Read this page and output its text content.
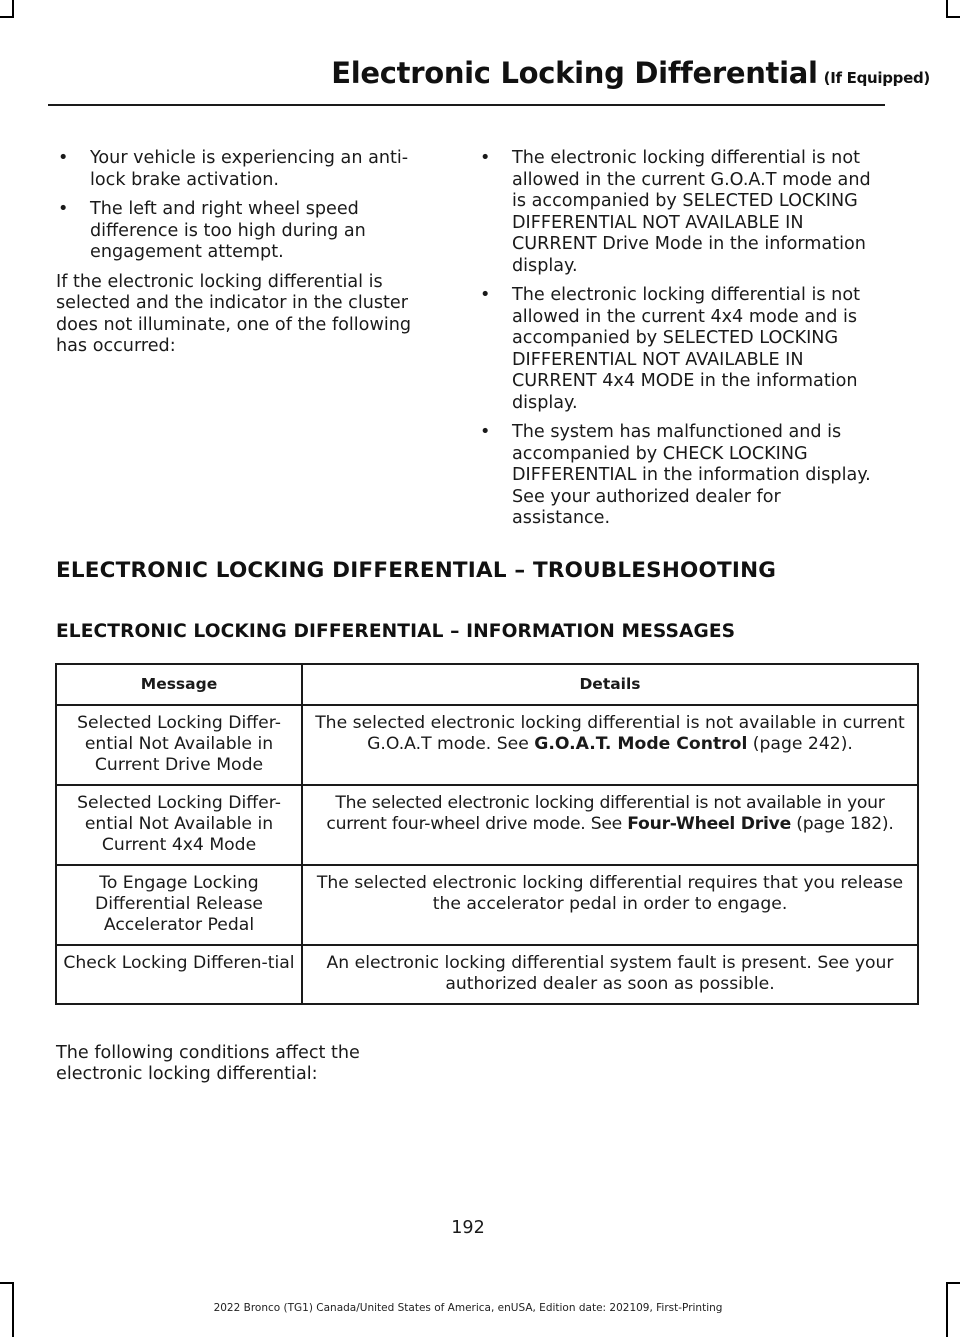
Electronic Locking Differential (If Equipped)
• Your vehicle is experiencing an anti-lock brake activation.
• The left and right wheel speed difference is too high during an engagement attempt.

If the electronic locking differential is selected and the indicator in the cluster does not illuminate, one of the following has occurred:

• The electronic locking differential is not allowed in the current G.O.A.T mode and is accompanied by SELECTED LOCKING DIFFERENTIAL NOT AVAILABLE IN CURRENT Drive Mode in the information display.
• The electronic locking differential is not allowed in the current 4x4 mode and is accompanied by SELECTED LOCKING DIFFERENTIAL NOT AVAILABLE IN CURRENT 4x4 MODE in the information display.
• The system has malfunctioned and is accompanied by CHECK LOCKING DIFFERENTIAL in the information display. See your authorized dealer for assistance.
ELECTRONIC LOCKING DIFFERENTIAL – TROUBLESHOOTING
ELECTRONIC LOCKING DIFFERENTIAL – INFORMATION MESSAGES
Message	Details
Selected Locking Differ-ential Not Available in Current Drive Mode	The selected electronic locking differential is not available in current G.O.A.T mode. See G.O.A.T. Mode Control (page 242).
Selected Locking Differ-ential Not Available in Current 4x4 Mode	The selected electronic locking differential is not available in your current four-wheel drive mode. See Four-Wheel Drive (page 182).
To Engage Locking Differential Release Accelerator Pedal	The selected electronic locking differential requires that you release the accelerator pedal in order to engage.
Check Locking Differen-tial	An electronic locking differential system fault is present. See your authorized dealer as soon as possible.

The following conditions affect the electronic locking differential:

192
2022 Bronco (TG1) Canada/United States of America, enUSA, Edition date: 202109, First-Printing
